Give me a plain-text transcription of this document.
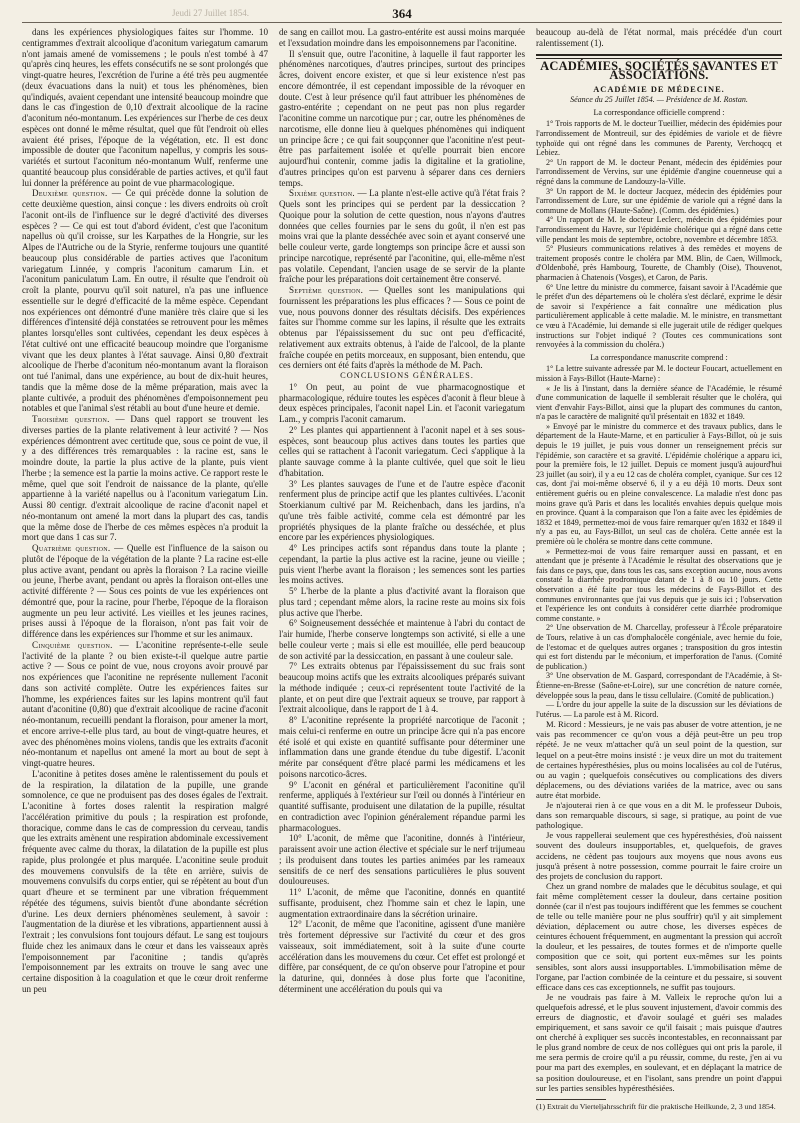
Jeudi 27 Juillet 1854.	364

dans les expériences physiologiques faites sur l'homme. 10 centigrammes d'extrait alcoolique d'aconitum variegatum camarum n'ont jamais amené de vomissemens ; le pouls n'est tombé à 47 qu'après cinq heures, les effets consécutifs ne se sont prolongés que vingt-quatre heures, l'excrétion de l'urine a été très peu augmentée (deux évacuations dans la nuit) et tous les phénomènes, bien qu'indiqués, avaient cependant une intensité beaucoup moindre que dans le cas d'ingestion de 0,10 d'extrait alcoolique de la racine d'aconitum néo-montanum. Les expériences sur l'herbe de ces deux espèces ont donné le même résultat, quel que fût l'endroit où elles avaient été prises, l'époque de la végétation, etc. Il est donc impossible de douter que l'aconitum napellus, y compris les sous-variétés et surtout l'aconitum néo-montanum Wulf, renferme une quantité beaucoup plus considérable de parties actives, et qu'il faut lui donner la préférence au point de vue pharmacologique.

Deuxième question. — Ce qui précède donne la solution de cette deuxième question, ainsi conçue : les divers endroits où croît l'aconit ont-ils de l'influence sur le degré d'activité des diverses espèces ? — Ce qui est tout d'abord évident, c'est que l'aconitum napellus où qu'il croisse, sur les Karpathes de la Hongrie, sur les Alpes de l'Autriche ou de la Styrie, renferme toujours une quantité beaucoup plus considérable de parties actives que l'aconitum variegatum Linnée, y compris l'aconitum camarum Lin. et l'aconitum paniculatum Lam. En outre, il résulte que l'endroit où croît la plante, pourvu qu'il soit naturel, n'a pas une influence essentielle sur le degré d'efficacité de la même espèce. Cependant nos expériences ont démontré d'une manière très claire que si les différences d'intensité déjà constatées se retrouvent pour les mêmes plantes lorsqu'elles sont cultivées, cependant les deux espèces à l'état cultivé ont une efficacité beaucoup moindre que l'organisme vivant que les deux plantes à l'état sauvage. Ainsi 0,80 d'extrait alcoolique de l'herbe d'aconitum néo-montanum avant la floraison ont tué l'animal, dans une expérience, au bout de dix-huit heures, tandis que la même dose de la même préparation, mais avec la plante cultivée, a produit des phénomènes d'empoisonnement peu notables et que l'animal s'est rétabli au bout d'une heure et demie.

Troisième question. — Dans quel rapport se trouvent les diverses parties de la plante relativement à leur activité ? — Nos expériences démontrent avec certitude que, sous ce point de vue, il y a des différences très remarquables : la racine est, sans le moindre doute, la partie la plus active de la plante, puis vient l'herbe ; la semence est la partie la moins active. Ce rapport reste le même, quel que soit l'endroit de naissance de la plante, qu'elle appartienne à la variété napellus ou à l'aconitum variegatum Lin. Aussi 80 centigr. d'extrait alcoolique de racine d'aconit napel et néo-montanum ont amené la mort dans la plupart des cas, tandis que la même dose de l'herbe de ces mêmes espèces n'a produit la mort que dans 1 cas sur 7.

Quatrième question. — Quelle est l'influence de la saison ou plutôt de l'époque de la végétation de la plante ? La racine est-elle plus active avant, pendant ou après la floraison ? La racine vieille ou jeune, l'herbe avant, pendant ou après la floraison ont-elles une activité différente ? — Sous ces points de vue les expériences ont démontré que, pour la racine, pour l'herbe, l'époque de la floraison augmente un peu leur activité. Les vieilles et les jeunes racines, prises aussi à l'époque de la floraison, n'ont pas fait voir de différence dans les expériences sur l'homme et sur les animaux.

Cinquième question. — L'aconitine représente-t-elle seule l'activité de la plante ? ou bien existe-t-il quelque autre partie active ? — Sous ce point de vue, nous croyons avoir prouvé par nos expériences que l'aconitine ne représente nullement l'aconit dans son activité complète. Outre les expériences faites sur l'homme, les expériences faites sur les lapins montrent qu'il faut autant d'aconitine (0,80) que d'extrait alcoolique de racine d'aconit néo-montanum, recueilli pendant la floraison, pour amener la mort, et encore arrive-t-elle plus tard, au bout de vingt-quatre heures, et avec des phénomènes moins violens, tandis que les extraits d'aconit néo-montanum et napellus ont amené la mort au bout de sept à vingt-quatre heures.

L'aconitine à petites doses amène le ralentissement du pouls et de la respiration, la dilatation de la pupille, une grande somnolence, ce que ne produisent pas des doses égales de l'extrait. L'aconitine à fortes doses ralentit la respiration malgré l'accélération primitive du pouls ; la respiration est profonde, thoracique, comme dans le cas de compression du cerveau, tandis que les extraits amènent une respiration abdominale excessivement fréquente avec calme du thorax, la dilatation de la pupille est plus rapide, plus prolongée et plus marquée. L'aconitine seule produit des mouvemens convulsifs de la tête en arrière, suivis de mouvemens convulsifs du corps entier, qui se répètent au bout d'un quart d'heure et se terminent par une vibration fréquemment répétée des tégumens, suivis bientôt d'une abondante sécrétion d'urine. Les deux derniers phénomènes seulement, à savoir : l'augmentation de la diurèse et les vibrations, appartiennent aussi à l'extrait ; les convulsions font toujours défaut. Le sang est toujours fluide chez les animaux dans le cœur et dans les vaisseaux après l'empoisonnement par l'aconitine ; tandis qu'après l'empoisonnement par les extraits on trouve le sang avec une certaine disposition à la coagulation et que le cœur droit renferme un peu

de sang en caillot mou. La gastro-entérite est aussi moins marquée et l'exsudation moindre dans les empoisonnemens par l'aconitine.

Il s'ensuit que, outre l'aconitine, à laquelle il faut rapporter les phénomènes narcotiques, d'autres principes, surtout des principes âcres, doivent encore exister, et que si leur existence n'est pas encore démontrée, il est cependant impossible de la révoquer en doute. C'est à leur présence qu'il faut attribuer les phénomènes de gastro-entérite ; cependant on ne peut pas non plus regarder l'aconitine comme un narcotique pur ; car, outre les phénomènes de narcotisme, elle donne lieu à quelques phénomènes qui indiquent un principe âcre ; ce qui fait soupçonner que l'aconitine n'est peut-être pas parfaitement isolée et qu'elle pourrait bien encore aujourd'hui contenir, comme jadis la digitaline et la gratioline, d'autres principes qu'on est parvenu à séparer dans ces derniers temps.

Sixième question. — La plante n'est-elle active qu'à l'état frais ? Quels sont les principes qui se perdent par la dessiccation ? Quoique pour la solution de cette question, nous n'ayons d'autres données que celles fournies par le sens du goût, il n'en est pas moins vrai que la plante desséchée avec soin et ayant conservé une belle couleur verte, garde longtemps son principe âcre et aussi son principe narcotique, représenté par l'aconitine, qui, elle-même n'est pas volatile. Cependant, l'ancien usage de se servir de la plante fraîche pour les préparations doit certainement être conservé.

Septième question. — Quelles sont les manipulations qui fournissent les préparations les plus efficaces ? — Sous ce point de vue, nous pouvons donner des résultats décisifs. Des expériences faites sur l'homme comme sur les lapins, il résulte que les extraits obtenus par l'épaississement du suc ont peu d'efficacité, relativement aux extraits obtenus, à l'aide de l'alcool, de la plante fraîche coupée en petits morceaux, en supposant, bien entendu, que ces derniers ont été faits d'après la méthode de M. Pach.

CONCLUSIONS GÉNÉRALES.

1° On peut, au point de vue pharmacognostique et pharmacologique, réduire toutes les espèces d'aconit à fleur bleue à deux espèces principales, l'aconit napel Lin. et l'aconit variegatum Lam., y compris l'aconit camarum.

2° Les plantes qui appartiennent à l'aconit napel et à ses sous-espèces, sont beaucoup plus actives dans toutes les parties que celles qui se rattachent à l'aconit variegatum. Ceci s'applique à la plante sauvage comme à la plante cultivée, quel que soit le lieu d'habitation.

3° Les plantes sauvages de l'une et de l'autre espèce d'aconit renferment plus de principe actif que les plantes cultivées. L'aconit Stoerkianum cultivé par M. Reichenbach, dans les jardins, n'a qu'une très faible activité, comme cela est démontré par les propriétés physiques de la plante fraîche ou desséchée, et plus encore par les expériences physiologiques.

4° Les principes actifs sont répandus dans toute la plante ; cependant, la partie la plus active est la racine, jeune ou vieille ; puis vient l'herbe avant la floraison ; les semences sont les parties les moins actives.

5° L'herbe de la plante a plus d'activité avant la floraison que plus tard ; cependant même alors, la racine reste au moins six fois plus active que l'herbe.

6° Soigneusement desséchée et maintenue à l'abri du contact de l'air humide, l'herbe conserve longtemps son activité, si elle a une belle couleur verte ; mais si elle est mouillée, elle perd beaucoup de son activité par la dessiccation, en passant à une couleur sale.

7° Les extraits obtenus par l'épaississement du suc frais sont beaucoup moins actifs que les extraits alcooliques préparés suivant la méthode indiquée ; ceux-ci représentent toute l'activité de la plante, et on peut dire que l'extrait aqueux se trouve, par rapport à l'extrait alcoolique, dans le rapport de 1 à 4.

8° L'aconitine représente la propriété narcotique de l'aconit ; mais celui-ci renferme en outre un principe âcre qui n'a pas encore été isolé et qui existe en quantité suffisante pour déterminer une inflammation dans une grande étendue du tube digestif. L'aconit mérite par conséquent d'être placé parmi les médicamens et les poisons narcotico-âcres.

9° L'aconit en général et particulièrement l'aconitine qu'il renferme, appliqués à l'extérieur sur l'œil ou donnés à l'intérieur en quantité suffisante, produisent une dilatation de la pupille, résultat en contradiction avec l'opinion généralement répandue parmi les pharmacologues.

10° L'aconit, de même que l'aconitine, donnés à l'intérieur, paraissent avoir une action élective et spéciale sur le nerf trijumeau ; ils produisent dans toutes les parties animées par les rameaux sensitifs de ce nerf des sensations particulières le plus souvent douloureuses.

11° L'aconit, de même que l'aconitine, donnés en quantité suffisante, produisent, chez l'homme sain et chez le lapin, une augmentation extraordinaire dans la sécrétion urinaire.

12° L'aconit, de même que l'aconitine, agissent d'une manière très fortement dépressive sur l'activité du cœur et des gros vaisseaux, soit immédiatement, soit à la suite d'une courte accélération dans les mouvemens du cœur. Cet effet est prolongé et diffère, par conséquent, de ce qu'on observe pour l'atropine et pour la daturine, qui, données à dose plus forte que l'aconitine, déterminent une accélération du pouls qui va

beaucoup au-delà de l'état normal, mais précédée d'un court ralentissement (1).

ACADÉMIES, SOCIÉTÉS SAVANTES ET ASSOCIATIONS.
ACADÉMIE DE MÉDECINE.
Séance du 25 Juillet 1854. — Présidence de M. Rostan.

La correspondance officielle comprend :

1° Trois rapports de M. le docteur Tueillier, médecin des épidémies pour l'arrondissement de Montreuil, sur des épidémies de variole et de fièvre typhoïde qui ont régné dans les communes de Parenty, Verchoqcq et Lebiez.

2° Un rapport de M. le docteur Penant, médecin des épidémies pour l'arrondissement de Vervins, sur une épidémie d'angine couenneuse qui a régné dans la commune de Landouzy-la-Ville.

3° Un rapport de M. le docteur Jacquez, médecin des épidémies pour l'arrondissement de Lure, sur une épidémie de variole qui a régné dans la commune de Mollans (Haute-Saône). (Comm. des épidémies.)

4° Un rapport de M. le docteur Leclerc, médecin des épidémies pour l'arrondissement du Havre, sur l'épidémie cholérique qui a régné dans cette ville pendant les mois de septembre, octobre, novembre et décembre 1853.

5° Plusieurs communications relatives à des remèdes et moyens de traitement proposés contre le choléra par MM. Blin, de Caen, Willmock, d'Oldenbohé, près Hambourg, Tourette, de Chambly (Oise), Thouvenot, pharmacien à Chatenois (Vosges), et Caron, de Paris.

6° Une lettre du ministre du commerce, faisant savoir à l'Académie que le préfet d'un des départemens où le choléra s'est déclaré, exprime le désir de savoir si l'expérience a fait connaître une médication plus particulièrement applicable à cette maladie. M. le ministre, en transmettant ce vœu à l'Académie, lui demande si elle jugerait utile de rédiger quelques instructions sur l'objet indiqué ? (Toutes ces communications sont renvoyées à la commission du choléra.)

La correspondance manuscrite comprend :

1° La lettre suivante adressée par M. le docteur Foucart, actuellement en mission à Fays-Billot (Haute-Marne) :

« Je lis à l'instant, dans la dernière séance de l'Académie, le résumé d'une communication de laquelle il semblerait résulter que le choléra, qui vient d'envahir Fays-Billot, ainsi que la plupart des communes du canton, n'a pas le caractère de malignité qu'il présentait en 1832 et 1849.

» Envoyé par le ministre du commerce et des travaux publics, dans le département de la Haute-Marne, et en particulier à Fays-Billot, où je suis depuis le 19 juillet, je puis vous donner un renseignement précis sur l'épidémie, son caractère et sa gravité. L'épidémie cholérique a apparu ici, pour la première fois, le 12 juillet. Depuis ce moment jusqu'à aujourd'hui 23 juillet (au soir), il y a eu 12 cas de choléra complet, cyanique. Sur ces 12 cas, dont j'ai moi-même observé 6, il y a eu déjà 10 morts. Deux sont entièrement guéris ou en pleine convalescence. La maladie n'est donc pas moins grave qu'à Paris et dans les localités envahies depuis quelque mois en province. Quant à la comparaison que l'on a faite avec les épidémies de 1832 et 1849, permettez-moi de vous faire remarquer qu'en 1832 et 1849 il n'y a pas eu, au Fays-Billot, un seul cas de choléra. Cette année est la première où le choléra se montre dans cette commune.

» Permettez-moi de vous faire remarquer aussi en passant, et en attendant que je présente à l'Académie le résultat des observations que je fais dans ce pays, que, dans tous les cas, sans exception aucune, nous avons constaté la diarrhée prodromique datant de 1 à 8 ou 10 jours. Cette observation a été faite par tous les médecins de Fays-Billot et des communes environnantes que j'ai vus depuis que je suis ici ; l'observation et l'expérience les ont conduits à considérer cette diarrhée prodromique comme constante. »

2° Une observation de M. Charcellay, professeur à l'École préparatoire de Tours, relative à un cas d'omphalocèle congéniale, avec hernie du foie, de l'estomac et de quelques autres organes ; transposition du gros intestin qui est fort distendu par le méconium, et imperforation de l'anus. (Comité de publication.)

3° Une observation de M. Gaspard, correspondant de l'Académie, à St-Étienne-en-Bresse (Saône-et-Loire), sur une concrétion de nature cornée, développée sous la peau, dans le tissu cellulaire. (Comité de publication.)

— L'ordre du jour appelle la suite de la discussion sur les déviations de l'utérus. — La parole est à M. Ricord.

M. Ricord : Messieurs, je ne vais pas abuser de votre attention, je ne vais pas recommencer ce qu'on vous a déjà peut-être un peu trop répété. Je ne veux m'attacher qu'à un seul point de la question, sur lequel on a peut-être moins insisté : je veux dire un mot du traitement de certaines hypéresthésies, plus ou moins localisées au col de l'utérus, ou au vagin ; quelquefois consécutives ou complications des divers déplacemens, ou des déviations variées de la matrice, avec ou sans autre état morbide.

Je n'ajouterai rien à ce que vous en a dit M. le professeur Dubois, dans son remarquable discours, si sage, si pratique, au point de vue pathologique.

Je vous rappellerai seulement que ces hypéresthésies, d'où naissent souvent des douleurs insupportables, et, quelquefois, de graves accidens, ne cèdent pas toujours aux moyens que nous avons eus jusqu'à présent à notre possession, comme pourrait le faire croire un des projets de conclusion du rapport.

Chez un grand nombre de malades que le décubitus soulage, et qui fait même complètement cesser la douleur, dans certaine position donnée (car il n'est pas toujours indifférent que les femmes se couchent de telle ou telle manière pour ne plus souffrir) qu'il y ait simplement déviation, déplacement ou autre chose, les diverses espèces de ceintures échouent fréquemment, en augmentant la pression qui accroît la douleur, et les pessaires, de toutes formes et de n'importe quelle composition que ce soit, qui portent eux-mêmes sur les points sensibles, sont alors aussi insupportables. L'immobilisation même de l'organe, par l'action combinée de la ceinture et du pessaire, si souvent efficace dans ces cas exceptionnels, ne suffit pas toujours.

Je ne voudrais pas faire à M. Valleix le reproche qu'on lui a quelquefois adressé, et le plus souvent injustement, d'avoir commis des erreurs de diagnostic, et d'avoir soulagé et guéri ses malades empiriquement, et sans savoir ce qu'il faisait ; mais puisque d'autres ont cherché à expliquer ses succès incontestables, en reconnaissant par le plus grand nombre de ceux de nos collègues qui ont pris la parole, il me sera permis de croire qu'il a pu réussir, comme, du reste, j'en ai vu pour ma part des exemples, en soulevant, et en déplaçant la matrice de sa position douloureuse, et en l'isolant, sans prendre un point d'appui sur les parties sensibles hypéresthésiées.

(1) Extrait du Vierteljahrsschrift für die praktische Heilkunde, 2, 3 und 1854.
